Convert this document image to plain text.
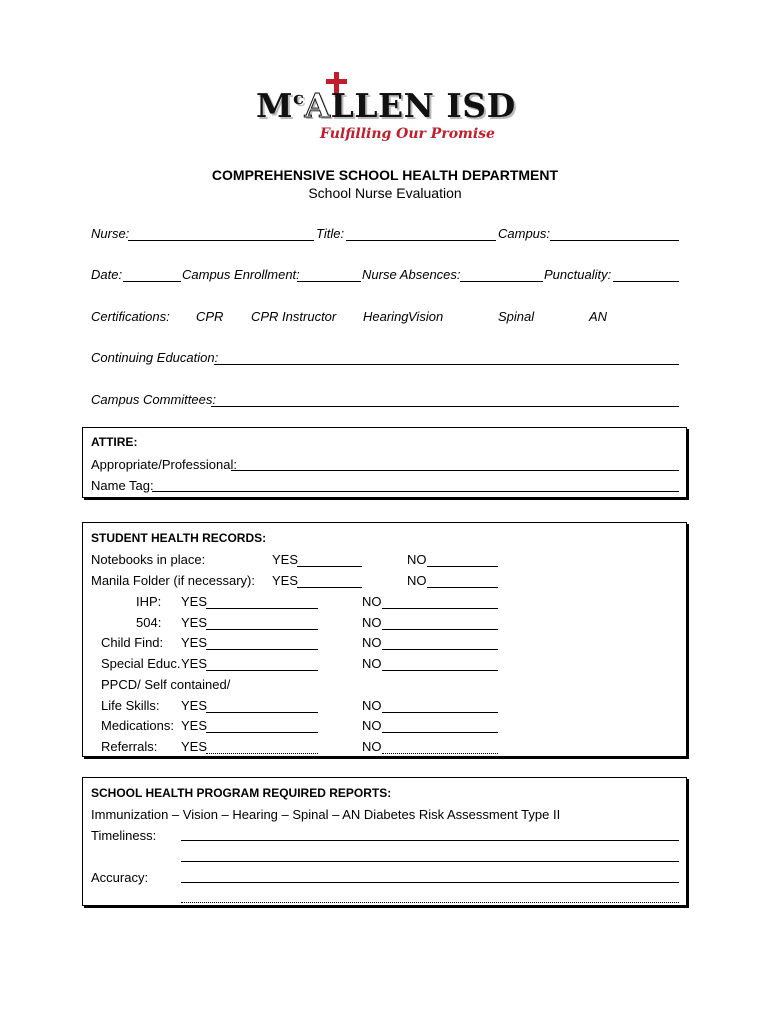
$M^cALLEN$ ISD
Fulfilling Our Promise
COMPREHENSIVE SCHOOL HEALTH DEPARTMENT
School Nurse Evaluation
Nurse:	Title:	Campus:
Date:	Campus Enrollment:	Nurse Absences:	Punctuality:
Certifications: CPR CPR Instructor Hearing Vision	Spinal	AN
Continuing Education:
Campus Committees:
ATTIRE:
Appropriate/Professional:
Name Tag:
STUDENT HEALTH RECORDS:
Notebooks in place:	YES	NO
Manila Folder (if necessary): YES	NO
IHP: YES	NO
504: YES	NO
Child Find: YES	NO
Special Educ. YES	NO
PPCD/ Self contained/
Life Skills: YES	NO
Medications: YES	NO
Referrals: YES	NO
SCHOOL HEALTH PROGRAM REQUIRED REPORTS:
Immunization – Vision – Hearing – Spinal – AN Diabetes Risk Assessment Type II
Timeliness:
Accuracy:
